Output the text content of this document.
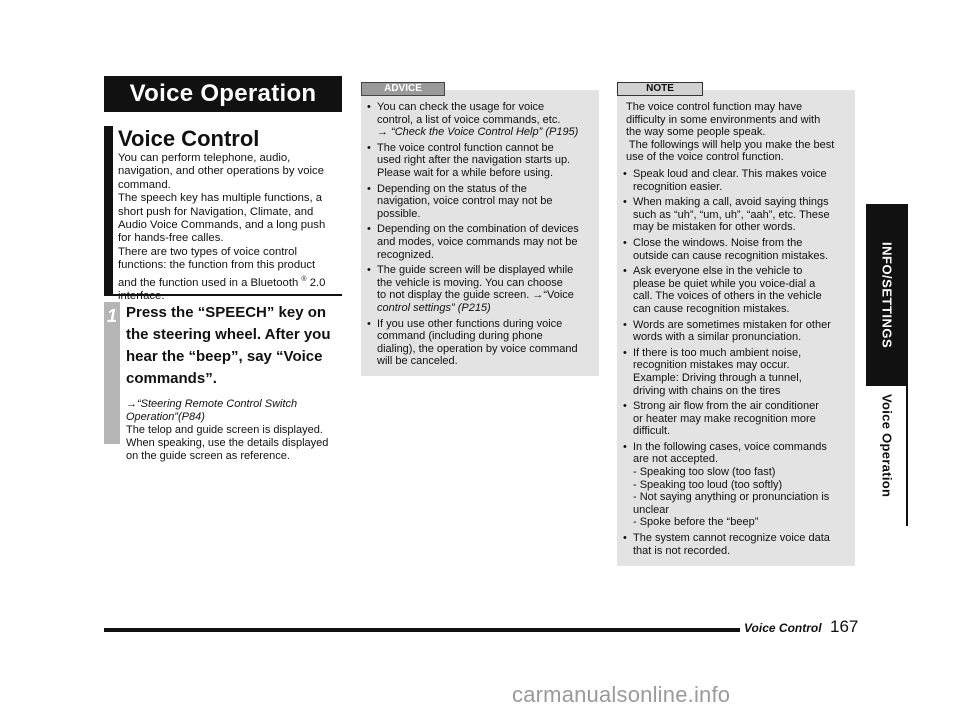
Voice Operation
Voice Control
You can perform telephone, audio,
navigation, and other operations by voice
command.
The speech key has multiple functions, a
short push for Navigation, Climate, and
Audio Voice Commands, and a long push
for hands-free calles.
There are two types of voice control
functions: the function from this product
and the function used in a Bluetooth ® 2.0
1 Press the “SPEECH” key on
the steering wheel. After you
hear the “beep”, say “Voice
commands”.
→“Steering Remote Control Switch
Operation”(P84)
The telop and guide screen is displayed.
When speaking, use the details displayed
on the guide screen as reference.
ADVICE
• You can check the usage for voice
control, a list of voice commands, etc.
→ “Check the Voice Control Help” (P195)
• The voice control function cannot be
used right after the navigation starts up.
Please wait for a while before using.
• Depending on the status of the
navigation, voice control may not be
possible.
• Depending on the combination of devices
and modes, voice commands may not be
recognized.
• The guide screen will be displayed while
the vehicle is moving. You can choose
to not display the guide screen. →“Voice
control settings” (P215)
• If you use other functions during voice
command (including during phone
dialing), the operation by voice command
will be canceled.
NOTE
The voice control function may have
difficulty in some environments and with
the way some people speak.
The followings will help you make the best
use of the voice control function.
• Speak loud and clear. This makes voice
recognition easier.
• When making a call, avoid saying things
such as “uh”, “um, uh”, “aah”, etc. These
may be mistaken for other words.
• Close the windows. Noise from the
outside can cause recognition mistakes.
• Ask everyone else in the vehicle to
please be quiet while you voice-dial a
call. The voices of others in the vehicle
can cause recognition mistakes.
• Words are sometimes mistaken for other
words with a similar pronunciation.
• If there is too much ambient noise,
recognition mistakes may occur.
Example: Driving through a tunnel,
driving with chains on the tires
• Strong air flow from the air conditioner
or heater may make recognition more
difficult.
• In the following cases, voice commands
are not accepted.
- Speaking too slow (too fast)
- Speaking too loud (too softly)
- Not saying anything or pronunciation is
unclear
- Spoke before the “beep”
• The system cannot recognize voice data
that is not recorded.
INFO/SETTINGS
Voice Operation
Voice Control 167
carmanualsonline.info
